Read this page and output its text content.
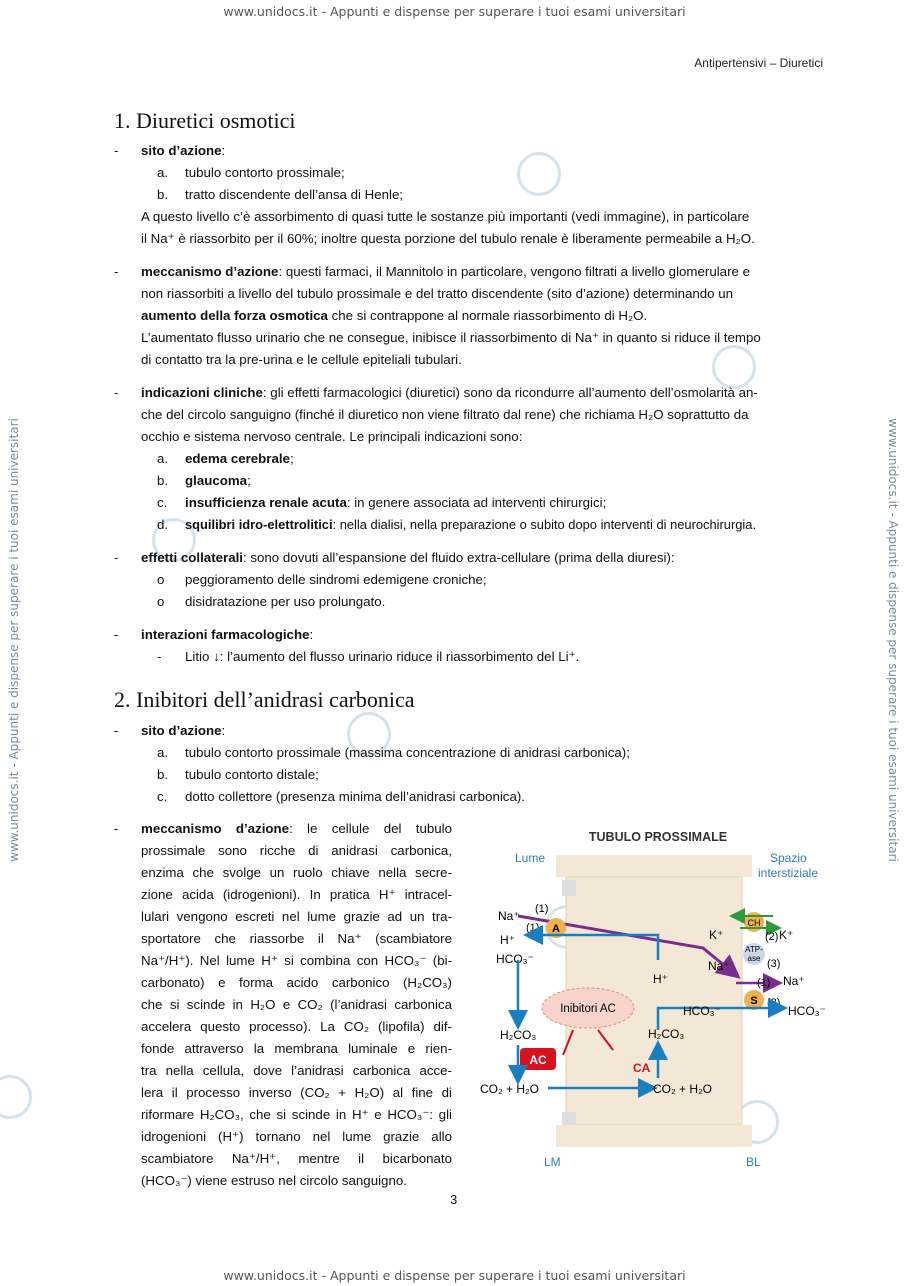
www.unidocs.it - Appunti e dispense per superare i tuoi esami universitari
www.unidocs.it - Appunti e dispense per superare i tuoi esami universitari
www.unidocs.it - Appunti e dispense per superare i tuoi esami universitari	www.unidocs.it - Appunti e dispense per superare i tuoi esami universitari
Antipertensivi – Diuretici
1. Diuretici osmotici
- sito d’azione:
a. tubulo contorto prossimale;
b. tratto discendente dell’ansa di Henle;
A questo livello c’è assorbimento di quasi tutte le sostanze più importanti (vedi immagine), in particolare
il Na⁺ è riassorbito per il 60%; inoltre questa porzione del tubulo renale è liberamente permeabile a H₂O.
- meccanismo d’azione: questi farmaci, il Mannitolo in particolare, vengono filtrati a livello glomerulare e
non riassorbiti a livello del tubulo prossimale e del tratto discendente (sito d’azione) determinando un
aumento della forza osmotica che si contrappone al normale riassorbimento di H₂O.
L’aumentato flusso urinario che ne consegue, inibisce il riassorbimento di Na⁺ in quanto si riduce il tempo
di contatto tra la pre-urina e le cellule epiteliali tubulari.
- indicazioni cliniche: gli effetti farmacologici (diuretici) sono da ricondurre all’aumento dell’osmolarità an-
che del circolo sanguigno (finché il diuretico non viene filtrato dal rene) che richiama H₂O soprattutto da
occhio e sistema nervoso centrale. Le principali indicazioni sono:
a. edema cerebrale;
b. glaucoma;
c. insufficienza renale acuta: in genere associata ad interventi chirurgici;
d. squilibri idro-elettrolitici: nella dialisi, nella preparazione o subito dopo interventi di neurochirurgia.
- effetti collaterali: sono dovuti all’espansione del fluido extra-cellulare (prima della diuresi):
o peggioramento delle sindromi edemigene croniche;
o disidratazione per uso prolungato.
- interazioni farmacologiche:
- Litio ↓: l’aumento del flusso urinario riduce il riassorbimento del Li⁺.
2. Inibitori dell’anidrasi carbonica
- sito d’azione:
a. tubulo contorto prossimale (massima concentrazione di anidrasi carbonica);
b. tubulo contorto distale;
c. dotto collettore (presenza minima dell’anidrasi carbonica).
- meccanismo d’azione: le cellule del tubulo
prossimale sono ricche di anidrasi carbonica,
enzima che svolge un ruolo chiave nella secre-
zione acida (idrogenioni). In pratica H⁺ intracel-
lulari vengono escreti nel lume grazie ad un tra-
sportatore che riassorbe il Na⁺ (scambiatore
Na⁺/H⁺). Nel lume H⁺ si combina con HCO₃⁻ (bi-
carbonato) e forma acido carbonico (H₂CO₃)
che si scinde in H₂O e CO₂ (l’anidrasi carbonica
accelera questo processo). La CO₂ (lipofila) dif-
fonde attraverso la membrana luminale e rien-
tra nella cellula, dove l’anidrasi carbonica acce-
lera il processo inverso (CO₂ + H₂O) al fine di
riformare H₂CO₃, che si scinde in H⁺ e HCO₃⁻: gli
idrogenioni (H⁺) tornano nel lume grazie allo
scambiatore Na⁺/H⁺, mentre il bicarbonato
(HCO₃⁻) viene estruso nel circolo sanguigno.
TUBULO PROSSIMALE
Lume	Spazio
interstiziale
Na⁺ (1)
(1) A
H⁺
HCO₃⁻
H⁺
CH
K⁺	K⁺
(2)
ATP-
ase (3)
Na⁺
(1) Na⁺
S (3)
HCO₃⁻	HCO₃⁻
Inibitori AC
H₂CO₃
AC
CO₂ + H₂O	CO₂ + H₂O
H₂CO₃
CA
LM	BL
3
